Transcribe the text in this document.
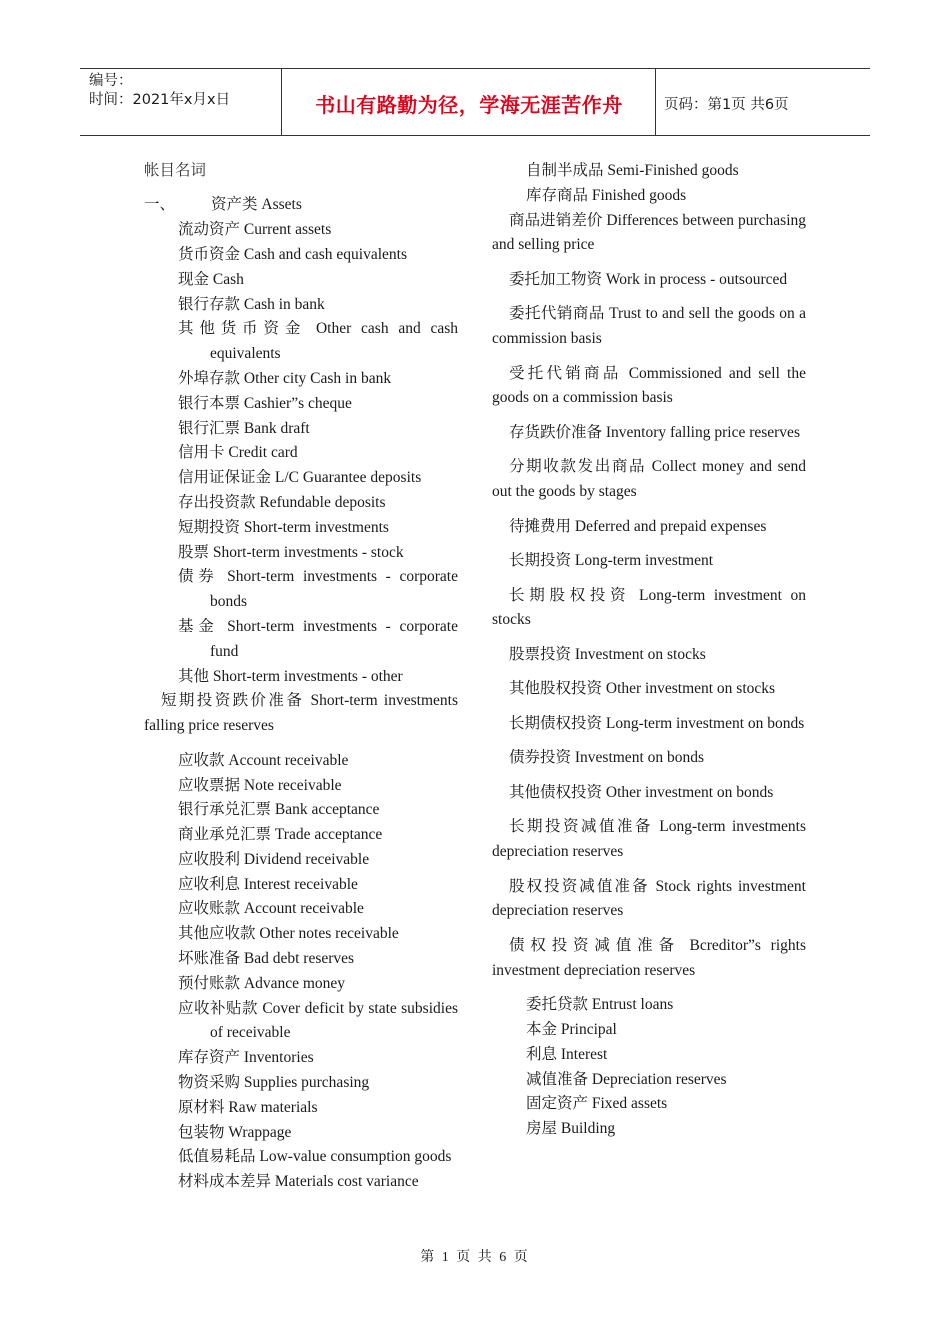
编号：
时间：2021年x月x日	书山有路勤为径，学海无涯苦作舟	页码：第1页 共6页

帐目名词

一、 资产类 Assets

流动资产 Current assets

货币资金 Cash and cash equivalents

现金 Cash

银行存款 Cash in bank

其他货币资金 Other cash and cash equivalents

外埠存款 Other city Cash in bank

银行本票 Cashier”s cheque

银行汇票 Bank draft

信用卡 Credit card

信用证保证金 L/C Guarantee deposits

存出投资款 Refundable deposits

短期投资 Short-term investments

股票 Short-term investments - stock

债券 Short-term investments - corporate bonds

基金 Short-term investments - corporate fund

其他 Short-term investments - other

短期投资跌价准备 Short-term investments falling price reserves

应收款 Account receivable

应收票据 Note receivable

银行承兑汇票 Bank acceptance

商业承兑汇票 Trade acceptance

应收股利 Dividend receivable

应收利息 Interest receivable

应收账款 Account receivable

其他应收款 Other notes receivable

坏账准备 Bad debt reserves

预付账款 Advance money

应收补贴款 Cover deficit by state subsidies of receivable

库存资产 Inventories

物资采购 Supplies purchasing

原材料 Raw materials

包装物 Wrappage

低值易耗品 Low-value consumption goods

材料成本差异 Materials cost variance

自制半成品 Semi-Finished goods

库存商品 Finished goods

商品进销差价 Differences between purchasing and selling price

委托加工物资 Work in process - outsourced

委托代销商品 Trust to and sell the goods on a commission basis

受托代销商品 Commissioned and sell the goods on a commission basis

存货跌价准备 Inventory falling price reserves

分期收款发出商品 Collect money and send out the goods by stages

待摊费用 Deferred and prepaid expenses

长期投资 Long-term investment

长期股权投资 Long-term investment on stocks

股票投资 Investment on stocks

其他股权投资 Other investment on stocks

长期债权投资 Long-term investment on bonds

债券投资 Investment on bonds

其他债权投资 Other investment on bonds

长期投资减值准备 Long-term investments depreciation reserves

股权投资减值准备 Stock rights investment depreciation reserves

债权投资减值准备 Bcreditor”s rights investment depreciation reserves

委托贷款 Entrust loans

本金 Principal

利息 Interest

减值准备 Depreciation reserves

固定资产 Fixed assets

房屋 Building

第 1 页 共 6 页
